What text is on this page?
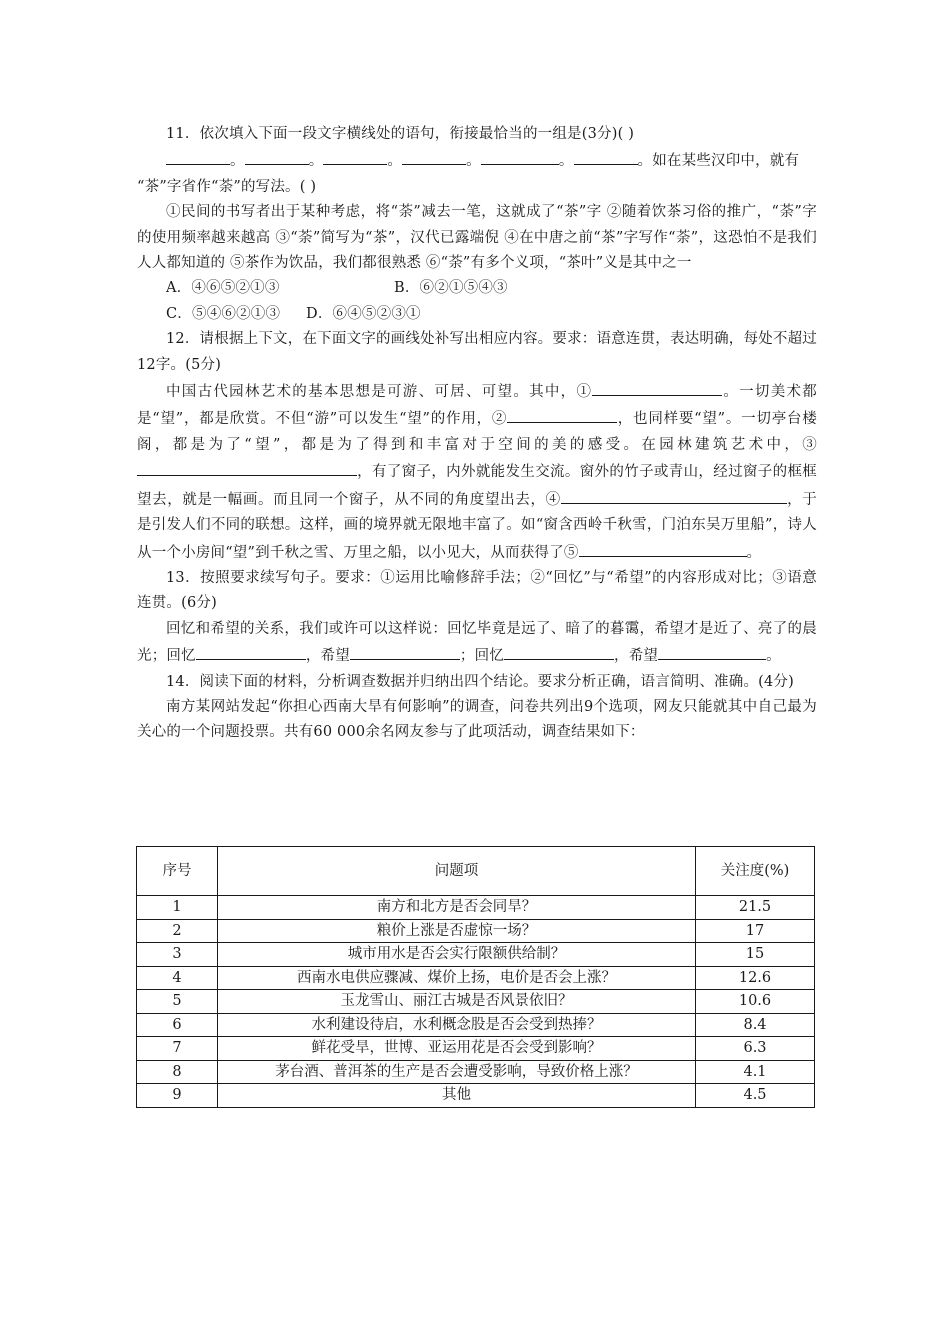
11．依次填入下面一段文字横线处的语句，衔接最恰当的一组是(3分)( )

。	。	。	。	。	。如在某些汉印中，就有

“茶”字省作“荼”的写法。( )

①民间的书写者出于某种考虑，将“荼”减去一笔，这就成了“茶”字 ②随着饮茶习俗的推广，“荼”字的使用频率越来越高 ③“荼”简写为“茶”，汉代已露端倪 ④在中唐之前“茶”字写作“荼”，这恐怕不是我们人人都知道的 ⑤茶作为饮品，我们都很熟悉 ⑥“荼”有多个义项，“茶叶”义是其中之一

A．④⑥⑤②①③	B．⑥②①⑤④③

C．⑤④⑥②①③ D．⑥④⑤②③①

12．请根据上下文，在下面文字的画线处补写出相应内容。要求：语意连贯，表达明确，每处不超过12字。(5分)

中国古代园林艺术的基本思想是可游、可居、可望。其中，①	。一切美术都是“望”，都是欣赏。不但“游”可以发生“望”的作用，②	，也同样要“望”。一切亭台楼阁，都是为了“望”，都是为了得到和丰富对于空间的美的感受。在园林建筑艺术中，③，有了窗子，内外就能发生交流。窗外的竹子或青山，经过窗子的框框望去，就是一幅画。而且同一个窗子，从不同的角度望出去，④	，于是引发人们不同的联想。这样，画的境界就无限地丰富了。如“窗含西岭千秋雪，门泊东吴万里船”，诗人从一个小房间“望”到千秋之雪、万里之船，以小见大，从而获得了⑤	。

13．按照要求续写句子。要求：①运用比喻修辞手法；②“回忆”与“希望”的内容形成对比；③语意连贯。(6分)

回忆和希望的关系，我们或许可以这样说：回忆毕竟是远了、暗了的暮霭，希望才是近了、亮了的晨光；回忆	，希望	；回忆	，希望	。

14．阅读下面的材料，分析调查数据并归纳出四个结论。要求分析正确，语言简明、准确。(4分)

南方某网站发起“你担心西南大旱有何影响”的调查，问卷共列出9个选项，网友只能就其中自己最为关心的一个问题投票。共有60 000余名网友参与了此项活动，调查结果如下：

序号	问题项	关注度(%)
1	南方和北方是否会同旱？	21.5
2	粮价上涨是否虚惊一场？	17
3	城市用水是否会实行限额供给制？	15
4	西南水电供应骤减、煤价上扬，电价是否会上涨？	12.6
5	玉龙雪山、丽江古城是否风景依旧？	10.6
6	水利建设待启，水利概念股是否会受到热捧？	8.4
7	鲜花受旱，世博、亚运用花是否会受到影响？	6.3
8	茅台酒、普洱茶的生产是否会遭受影响，导致价格上涨？	4.1
9	其他	4.5
